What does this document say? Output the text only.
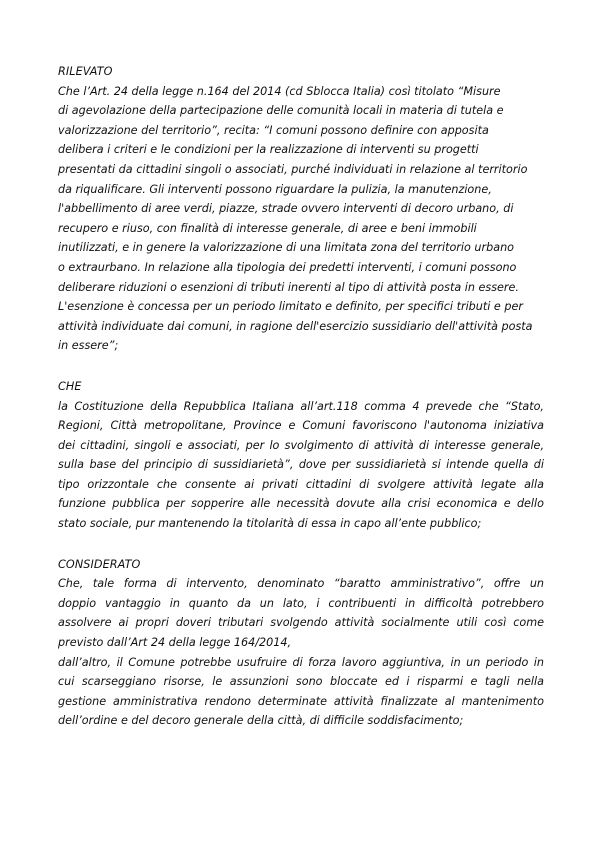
RILEVATO
Che l’Art. 24 della legge n.164 del 2014 (cd Sblocca Italia) così titolato “Misure
di agevolazione della partecipazione delle comunità locali in materia di tutela e
valorizzazione del territorio”, recita: “I comuni possono definire con apposita
delibera i criteri e le condizioni per la realizzazione di interventi su progetti
presentati da cittadini singoli o associati, purché individuati in relazione al territorio
da riqualificare. Gli interventi possono riguardare la pulizia, la manutenzione,
l'abbellimento di aree verdi, piazze, strade ovvero interventi di decoro urbano, di
recupero e riuso, con finalità di interesse generale, di aree e beni immobili
inutilizzati, e in genere la valorizzazione di una limitata zona del territorio urbano
o extraurbano. In relazione alla tipologia dei predetti interventi, i comuni possono
deliberare riduzioni o esenzioni di tributi inerenti al tipo di attività posta in essere.
L'esenzione è concessa per un periodo limitato e definito, per specifici tributi e per
attività individuate dai comuni, in ragione dell'esercizio sussidiario dell'attività posta
in essere”;
CHE
la Costituzione della Repubblica Italiana all’art.118 comma 4 prevede che “Stato,
Regioni, Città metropolitane, Province e Comuni favoriscono l'autonoma iniziativa
dei cittadini, singoli e associati, per lo svolgimento di attività di interesse generale,
sulla base del principio di sussidiarietà”, dove per sussidiarietà si intende quella di
tipo orizzontale che consente ai privati cittadini di svolgere attività legate alla
funzione pubblica per sopperire alle necessità dovute alla crisi economica e dello
stato sociale, pur mantenendo la titolarità di essa in capo all’ente pubblico;
CONSIDERATO
Che, tale forma di intervento, denominato “baratto amministrativo”, offre un
doppio vantaggio in quanto da un lato, i contribuenti in difficoltà potrebbero
assolvere ai propri doveri tributari svolgendo attività socialmente utili così come
previsto dall’Art 24 della legge 164/2014,
dall’altro, il Comune potrebbe usufruire di forza lavoro aggiuntiva, in un periodo in
cui scarseggiano risorse, le assunzioni sono bloccate ed i risparmi e tagli nella
gestione amministrativa rendono determinate attività finalizzate al mantenimento
dell’ordine e del decoro generale della città, di difficile soddisfacimento;
